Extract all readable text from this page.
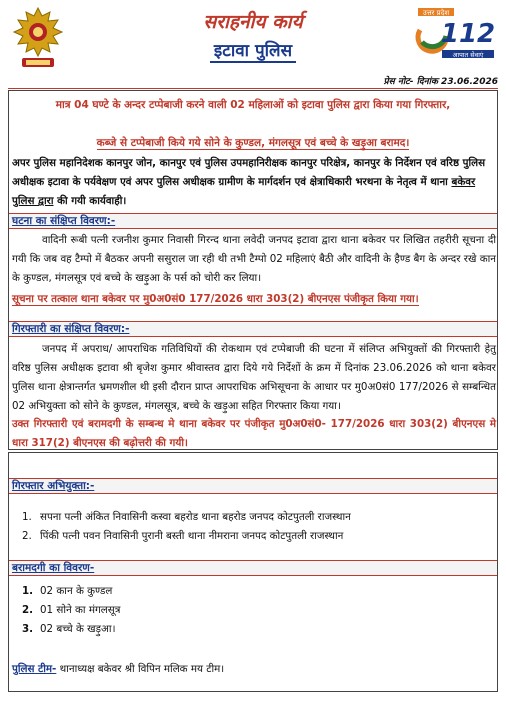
सराहनीय कार्य
इटावा पुलिस
उत्तर प्रदेश
112
आपात सेवाएं
प्रेस नोट- दिनांक 23.06.2026
मात्र 04 घण्टे के अन्दर टप्पेबाजी करने वाली 02 महिलाओं को इटावा पुलिस द्वारा किया गया गिरफ्तार,
कब्जे से टप्पेबाजी किये गये सोने के कुण्डल, मंगलसूत्र एवं बच्चे के खड़ुआ बरामद।
अपर पुलिस महानिदेशक कानपुर जोन, कानपुर एवं पुलिस उपमहानिरीक्षक कानपुर परिक्षेत्र, कानपुर के निर्देशन एवं वरिष्ठ पुलिस अधीक्षक इटावा के पर्यवेक्षण एवं अपर पुलिस अधीक्षक ग्रामीण के मार्गदर्शन एवं क्षेत्राधिकारी भरथना के नेतृत्व में थाना बकेवर पुलिस द्वारा की गयी कार्यवाही।
घटना का संक्षिप्त विवरण:-
वादिनी रूबी पत्नी रजनीश कुमार निवासी गिरन्द थाना लवेदी जनपद इटावा द्वारा थाना बकेवर पर लिखित तहरीरी सूचना दी गयी कि जब वह टैम्पो में बैठकर अपनी ससुराल जा रही थी तभी टैम्पो 02 महिलाएं बैठी और वादिनी के हैण्ड बैग के अन्दर रखे कान के कुण्डल, मंगलसूत्र एवं बच्चे के खड़ुआ के पर्स को चोरी कर लिया।
सूचना पर तत्काल थाना बकेवर पर मु0अ0सं0 177/2026 धारा 303(2) बीएनएस पंजीकृत किया गया।
गिरफ्तारी का संक्षिप्त विवरण:-
जनपद में अपराध/ आपराधिक गतिविधियों की रोकथाम एवं टप्पेबाजी की घटना में संलिप्त अभियुक्तों की गिरफ्तारी हेतु वरिष्ठ पुलिस अधीक्षक इटावा श्री बृजेश कुमार श्रीवास्तव द्वारा दिये गये निर्देशों के क्रम में दिनांक 23.06.2026 को थाना बकेवर पुलिस थाना क्षेत्रान्तर्गत भ्रमणशील थी इसी दौरान प्राप्त आपराधिक अभिसूचना के आधार पर मु0अ0सं0 177/2026 से सम्बन्धित 02 अभियुक्ता को सोने के कुण्डल, मंगलसूत्र, बच्चे के खड़ुआ सहित गिरफ्तार किया गया।
उक्त गिरफ्तारी एवं बरामदगी के सम्बन्ध मे थाना बकेवर पर पंजीकृत मु0अ0सं0- 177/2026 धारा 303(2) बीएनएस मे धारा 317(2) बीएनएस की बढ़ोत्तरी की गयी।
गिरफ्तार अभियुक्ता:-
1. सपना पत्नी अंकित निवासिनी कस्वा बहरोड थाना बहरोड जनपद कोटपुतली राजस्थान
2. पिंकी पत्नी पवन निवासिनी पुरानी बस्ती थाना नीमराना जनपद कोटपुतली राजस्थान
बरामदगी का विवरण-
1. 02 कान के कुण्डल
2. 01 सोने का मंगलसूत्र
3. 02 बच्चे के खड़ुआ।
पुलिस टीम- थानाध्यक्ष बकेवर श्री विपिन मलिक मय टीम।
